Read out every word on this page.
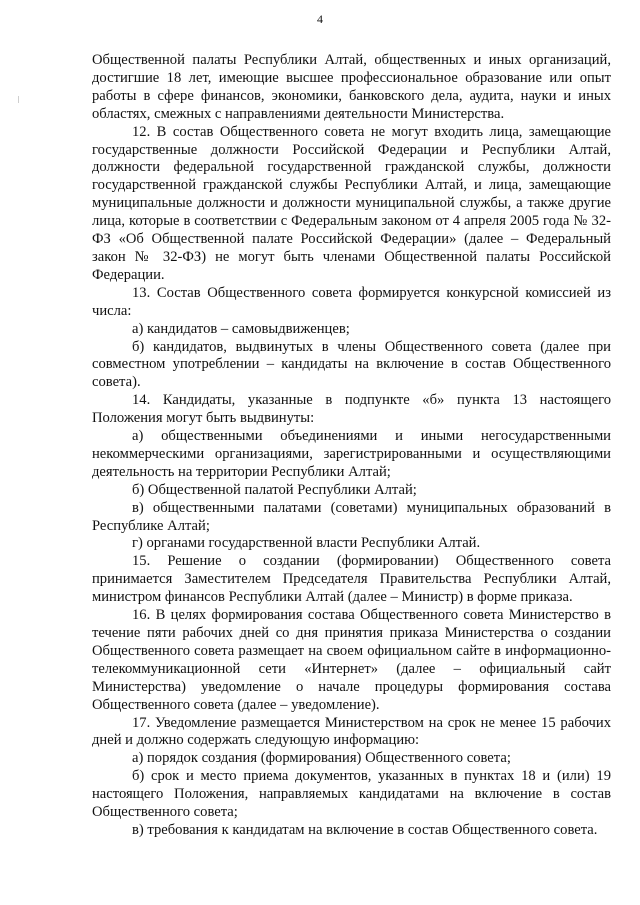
4

Общественной палаты Республики Алтай, общественных и иных организаций, достигшие 18 лет, имеющие высшее профессиональное образование или опыт работы в сфере финансов, экономики, банковского дела, аудита, науки и иных областях, смежных с направлениями деятельности Министерства.

12. В состав Общественного совета не могут входить лица, замещающие государственные должности Российской Федерации и Республики Алтай, должности федеральной государственной гражданской службы, должности государственной гражданской службы Республики Алтай, и лица, замещающие муниципальные должности и должности муниципальной службы, а также другие лица, которые в соответствии с Федеральным законом от 4 апреля 2005 года № 32-ФЗ «Об Общественной палате Российской Федерации» (далее – Федеральный закон № 32-ФЗ) не могут быть членами Общественной палаты Российской Федерации.

13. Состав Общественного совета формируется конкурсной комиссией из числа:

а) кандидатов – самовыдвиженцев;

б) кандидатов, выдвинутых в члены Общественного совета (далее при совместном употреблении – кандидаты на включение в состав Общественного совета).

14. Кандидаты, указанные в подпункте «б» пункта 13 настоящего Положения могут быть выдвинуты:

а) общественными объединениями и иными негосударственными некоммерческими организациями, зарегистрированными и осуществляющими деятельность на территории Республики Алтай;

б) Общественной палатой Республики Алтай;

в) общественными палатами (советами) муниципальных образований в Республике Алтай;

г) органами государственной власти Республики Алтай.

15. Решение о создании (формировании) Общественного совета принимается Заместителем Председателя Правительства Республики Алтай, министром финансов Республики Алтай (далее – Министр) в форме приказа.

16. В целях формирования состава Общественного совета Министерство в течение пяти рабочих дней со дня принятия приказа Министерства о создании Общественного совета размещает на своем официальном сайте в информационно-телекоммуникационной сети «Интернет» (далее – официальный сайт Министерства) уведомление о начале процедуры формирования состава Общественного совета (далее – уведомление).

17. Уведомление размещается Министерством на срок не менее 15 рабочих дней и должно содержать следующую информацию:

а) порядок создания (формирования) Общественного совета;

б) срок и место приема документов, указанных в пунктах 18 и (или) 19 настоящего Положения, направляемых кандидатами на включение в состав Общественного совета;

в) требования к кандидатам на включение в состав Общественного совета.
